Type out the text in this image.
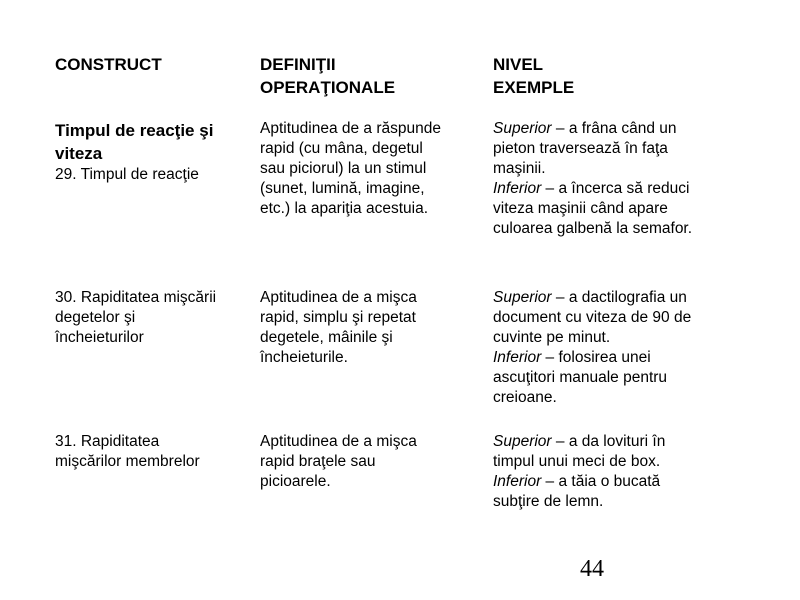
CONSTRUCT	DEFINIŢII
OPERAŢIONALE
NIVEL
EXEMPLE
Timpul de reacţie şi
viteza
29. Timpul de reacţie
Aptitudinea de a răspunde
rapid (cu mâna, degetul
sau piciorul) la un stimul
(sunet, lumină, imagine,
etc.) la apariţia acestuia.
Superior – a frâna când un
pieton traversează în faţa
maşinii.
Inferior – a încerca să reduci
viteza maşinii când apare
culoarea galbenă la semafor.
30. Rapiditatea mişcării
degetelor şi
încheieturilor
Aptitudinea de a mişca
rapid, simplu şi repetat
degetele, mâinile şi
încheieturile.
Superior – a dactilografia un
document cu viteza de 90 de
cuvinte pe minut.
Inferior – folosirea unei
ascuţitori manuale pentru
creioane.
31. Rapiditatea
mişcărilor membrelor
Aptitudinea de a mişca
rapid braţele sau
picioarele.
Superior – a da lovituri în
timpul unui meci de box.
Inferior – a tăia o bucată
subţire de lemn.
44
